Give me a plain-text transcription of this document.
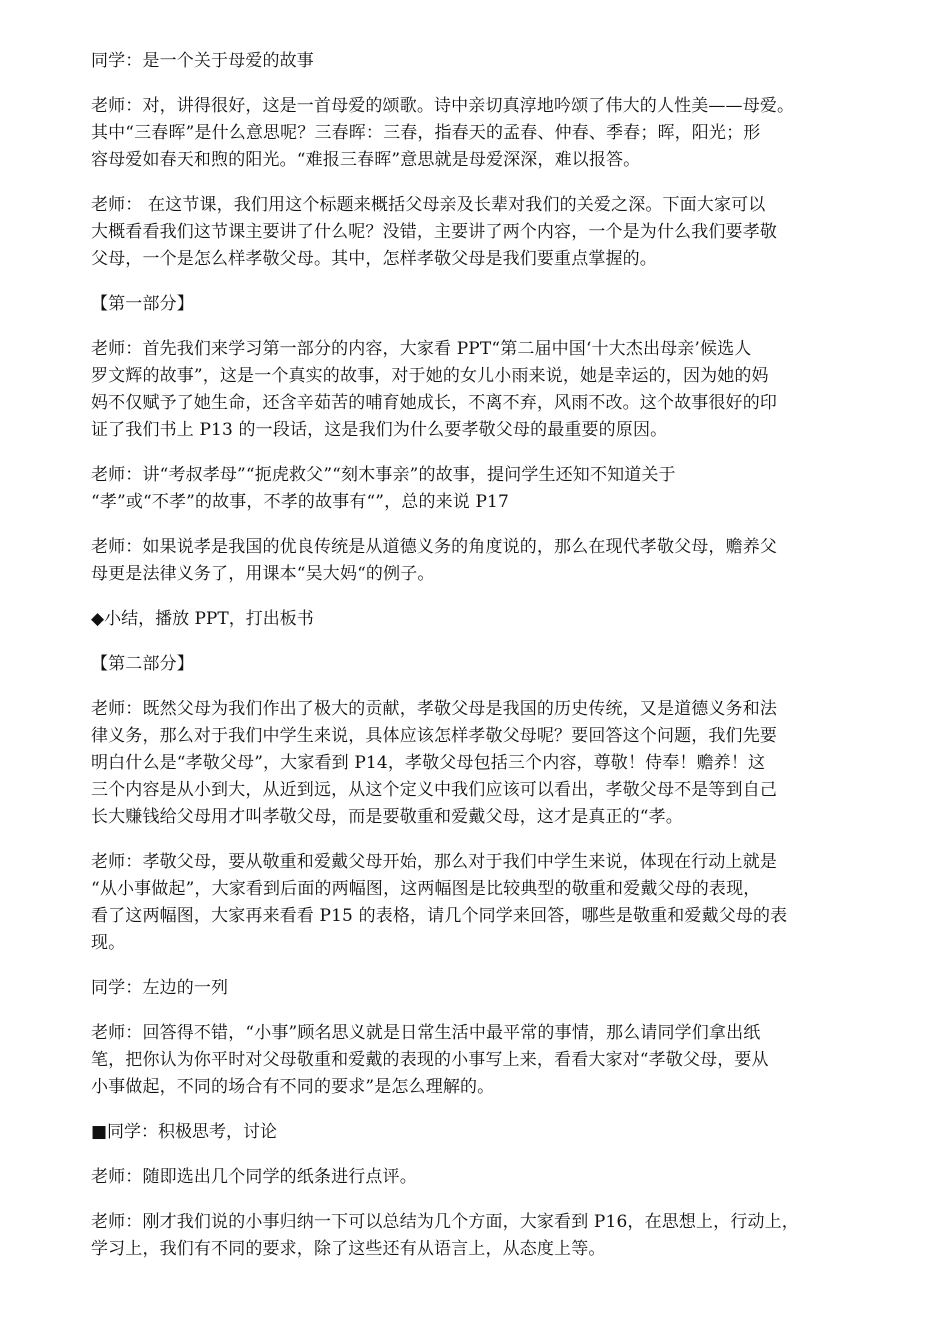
同学：是一个关于母爱的故事

老师：对，讲得很好，这是一首母爱的颂歌。诗中亲切真淳地吟颂了伟大的人性美——母爱。
其中“三春晖”是什么意思呢？三春晖：三春，指春天的孟春、仲春、季春；晖，阳光；形
容母爱如春天和煦的阳光。“难报三春晖”意思就是母爱深深，难以报答。

老师： 在这节课，我们用这个标题来概括父母亲及长辈对我们的关爱之深。下面大家可以
大概看看我们这节课主要讲了什么呢？没错，主要讲了两个内容，一个是为什么我们要孝敬
父母，一个是怎么样孝敬父母。其中，怎样孝敬父母是我们要重点掌握的。

【第一部分】

老师：首先我们来学习第一部分的内容，大家看 PPT“第二届中国‘十大杰出母亲’候选人
罗文辉的故事”，这是一个真实的故事，对于她的女儿小雨来说，她是幸运的，因为她的妈
妈不仅赋予了她生命，还含辛茹苦的哺育她成长，不离不弃，风雨不改。这个故事很好的印
证了我们书上 P13 的一段话，这是我们为什么要孝敬父母的最重要的原因。

老师：讲“考叔孝母”“扼虎救父”“刻木事亲”的故事，提问学生还知不知道关于
“孝”或“不孝”的故事，不孝的故事有“”，总的来说 P17

老师：如果说孝是我国的优良传统是从道德义务的角度说的，那么在现代孝敬父母，赡养父
母更是法律义务了，用课本“吴大妈“的例子。

◆小结，播放 PPT，打出板书

【第二部分】

老师：既然父母为我们作出了极大的贡献，孝敬父母是我国的历史传统，又是道德义务和法
律义务，那么对于我们中学生来说，具体应该怎样孝敬父母呢？要回答这个问题，我们先要
明白什么是“孝敬父母”，大家看到 P14，孝敬父母包括三个内容，尊敬！侍奉！赡养！这
三个内容是从小到大，从近到远，从这个定义中我们应该可以看出，孝敬父母不是等到自己
长大赚钱给父母用才叫孝敬父母，而是要敬重和爱戴父母，这才是真正的“孝。

老师：孝敬父母，要从敬重和爱戴父母开始，那么对于我们中学生来说，体现在行动上就是
“从小事做起”，大家看到后面的两幅图，这两幅图是比较典型的敬重和爱戴父母的表现，
看了这两幅图，大家再来看看 P15 的表格，请几个同学来回答，哪些是敬重和爱戴父母的表
现。

同学：左边的一列

老师：回答得不错，“小事”顾名思义就是日常生活中最平常的事情，那么请同学们拿出纸
笔，把你认为你平时对父母敬重和爱戴的表现的小事写上来，看看大家对“孝敬父母，要从
小事做起，不同的场合有不同的要求”是怎么理解的。

■同学：积极思考，讨论

老师：随即选出几个同学的纸条进行点评。

老师：刚才我们说的小事归纳一下可以总结为几个方面，大家看到 P16，在思想上，行动上，
学习上，我们有不同的要求，除了这些还有从语言上，从态度上等。
